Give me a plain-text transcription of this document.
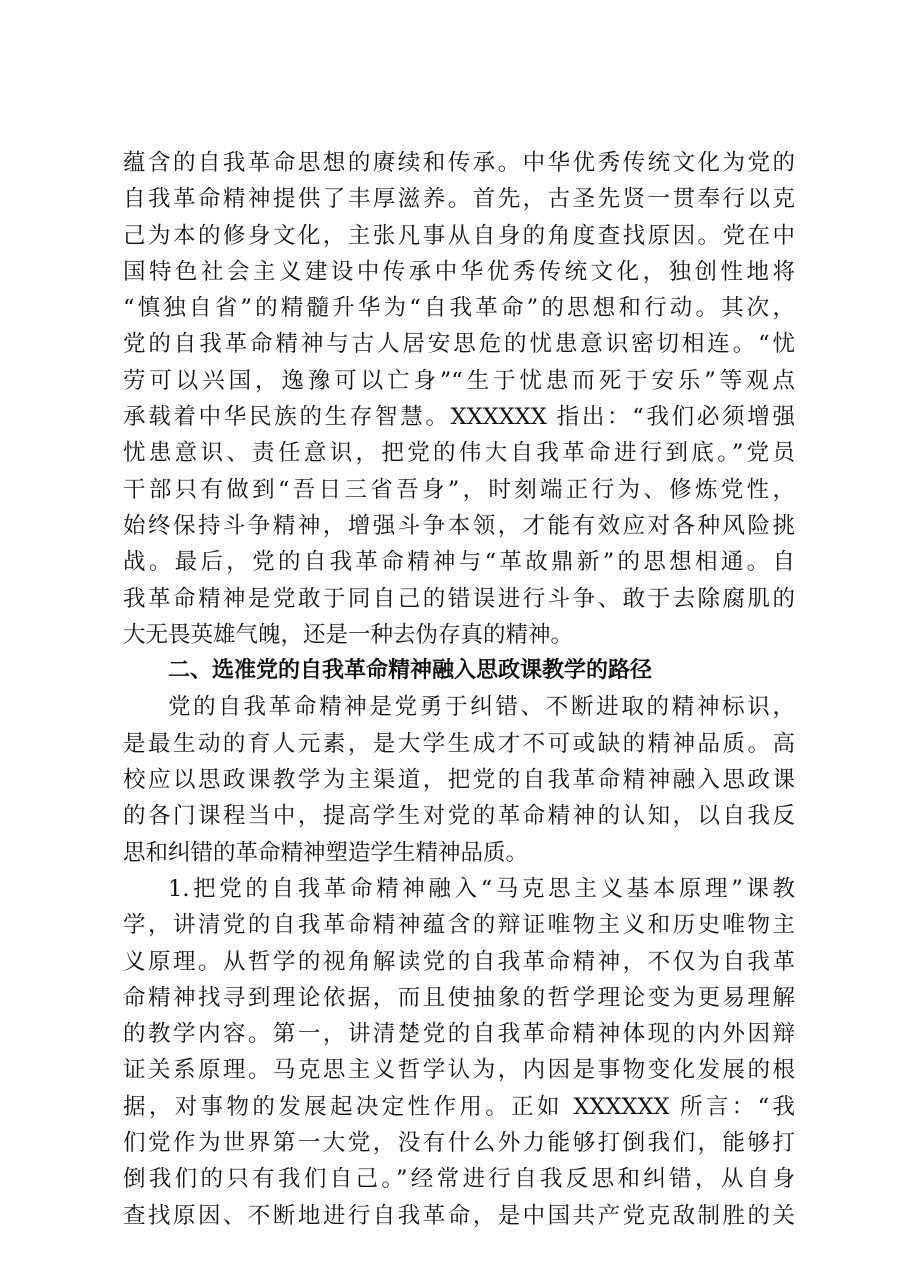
蕴含的自我革命思想的赓续和传承。中华优秀传统文化为党的
自我革命精神提供了丰厚滋养。首先，古圣先贤一贯奉行以克
己为本的修身文化，主张凡事从自身的角度查找原因。党在中
国特色社会主义建设中传承中华优秀传统文化，独创性地将
“慎独自省”的精髓升华为“自我革命”的思想和行动。其次，
党的自我革命精神与古人居安思危的忧患意识密切相连。“忧
劳可以兴国，逸豫可以亡身”“生于忧患而死于安乐”等观点
承载着中华民族的生存智慧。XXXXXX 指出：“我们必须增强
忧患意识、责任意识，把党的伟大自我革命进行到底。”党员
干部只有做到“吾日三省吾身”，时刻端正行为、修炼党性，
始终保持斗争精神，增强斗争本领，才能有效应对各种风险挑
战。最后，党的自我革命精神与“革故鼎新”的思想相通。自
我革命精神是党敢于同自己的错误进行斗争、敢于去除腐肌的
大无畏英雄气魄，还是一种去伪存真的精神。
二、选准党的自我革命精神融入思政课教学的路径
党的自我革命精神是党勇于纠错、不断进取的精神标识，
是最生动的育人元素，是大学生成才不可或缺的精神品质。高
校应以思政课教学为主渠道，把党的自我革命精神融入思政课
的各门课程当中，提高学生对党的革命精神的认知，以自我反
思和纠错的革命精神塑造学生精神品质。
1.把党的自我革命精神融入“马克思主义基本原理”课教
学，讲清党的自我革命精神蕴含的辩证唯物主义和历史唯物主
义原理。从哲学的视角解读党的自我革命精神，不仅为自我革
命精神找寻到理论依据，而且使抽象的哲学理论变为更易理解
的教学内容。第一，讲清楚党的自我革命精神体现的内外因辩
证关系原理。马克思主义哲学认为，内因是事物变化发展的根
据，对事物的发展起决定性作用。正如 XXXXXX 所言：“我
们党作为世界第一大党，没有什么外力能够打倒我们，能够打
倒我们的只有我们自己。”经常进行自我反思和纠错，从自身
查找原因、不断地进行自我革命，是中国共产党克敌制胜的关
